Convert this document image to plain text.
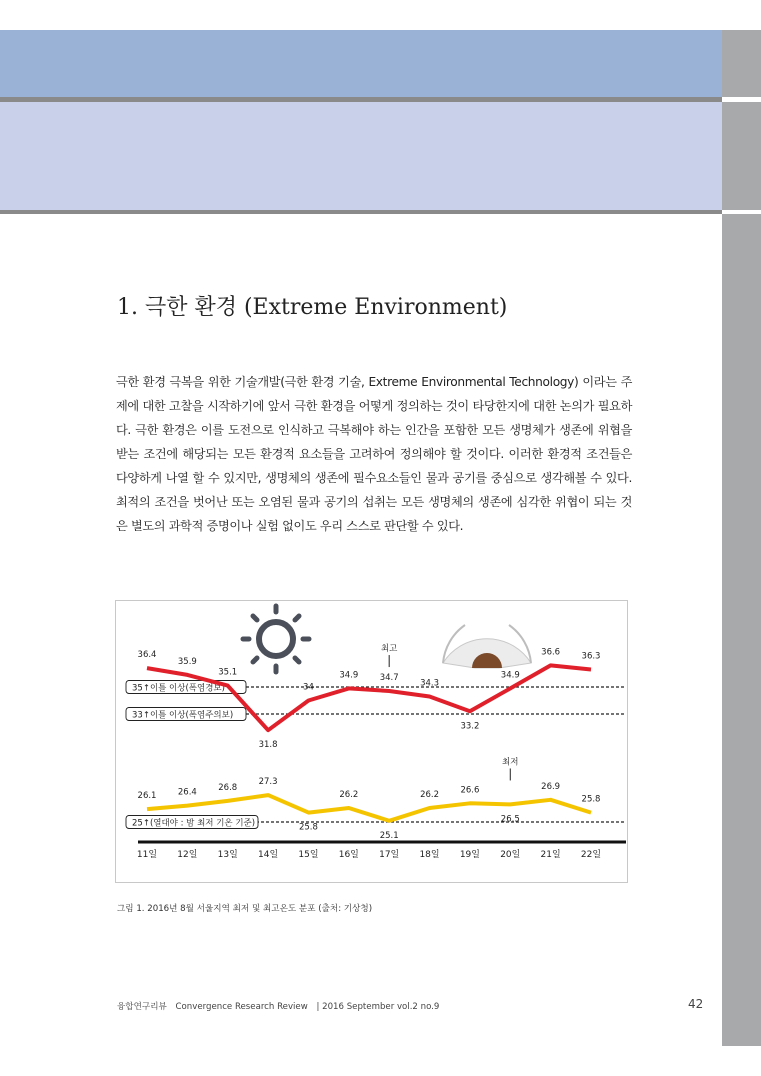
1. 극한 환경 (Extreme Environment)

극한 환경 극복을 위한 기술개발(극한 환경 기술, Extreme Environmental Technology) 이라는 주제에 대한 고찰을 시작하기에 앞서 극한 환경을 어떻게 정의하는 것이 타당한지에 대한 논의가 필요하다. 극한 환경은 이를 도전으로 인식하고 극복해야 하는 인간을 포함한 모든 생명체가 생존에 위협을 받는 조건에 해당되는 모든 환경적 요소들을 고려하여 정의해야 할 것이다. 이러한 환경적 조건들은 다양하게 나열 할 수 있지만, 생명체의 생존에 필수요소들인 물과 공기를 중심으로 생각해볼 수 있다. 최적의 조건을 벗어난 또는 오염된 물과 공기의 섭취는 모든 생명체의 생존에 심각한 위협이 되는 것은 별도의 과학적 증명이나 실험 없이도 우리 스스로 판단할 수 있다.

35↑이틀 이상(폭염경보)
33↑이틀 이상(폭염주의보)
25↑(열대야 : 밤 최저 기온 기준)
36.4
35.9
35.1
31.8
34
34.9	34.7
34.3
33.2
34.9
36.6	36.3
26.1	26.4	26.8
27.3
25.8
26.2
25.1
26.2	26.6
26.5
26.9
25.8
최고
최저
11일 12일 13일 14일 15일 16일 17일 18일 19일 20일 21일 22일

그림 1. 2016년 8월 서울지역 최저 및 최고온도 분포 (출처: 기상청)

융합연구리뷰 Convergence Research Review | 2016 September vol.2 no.9	42
